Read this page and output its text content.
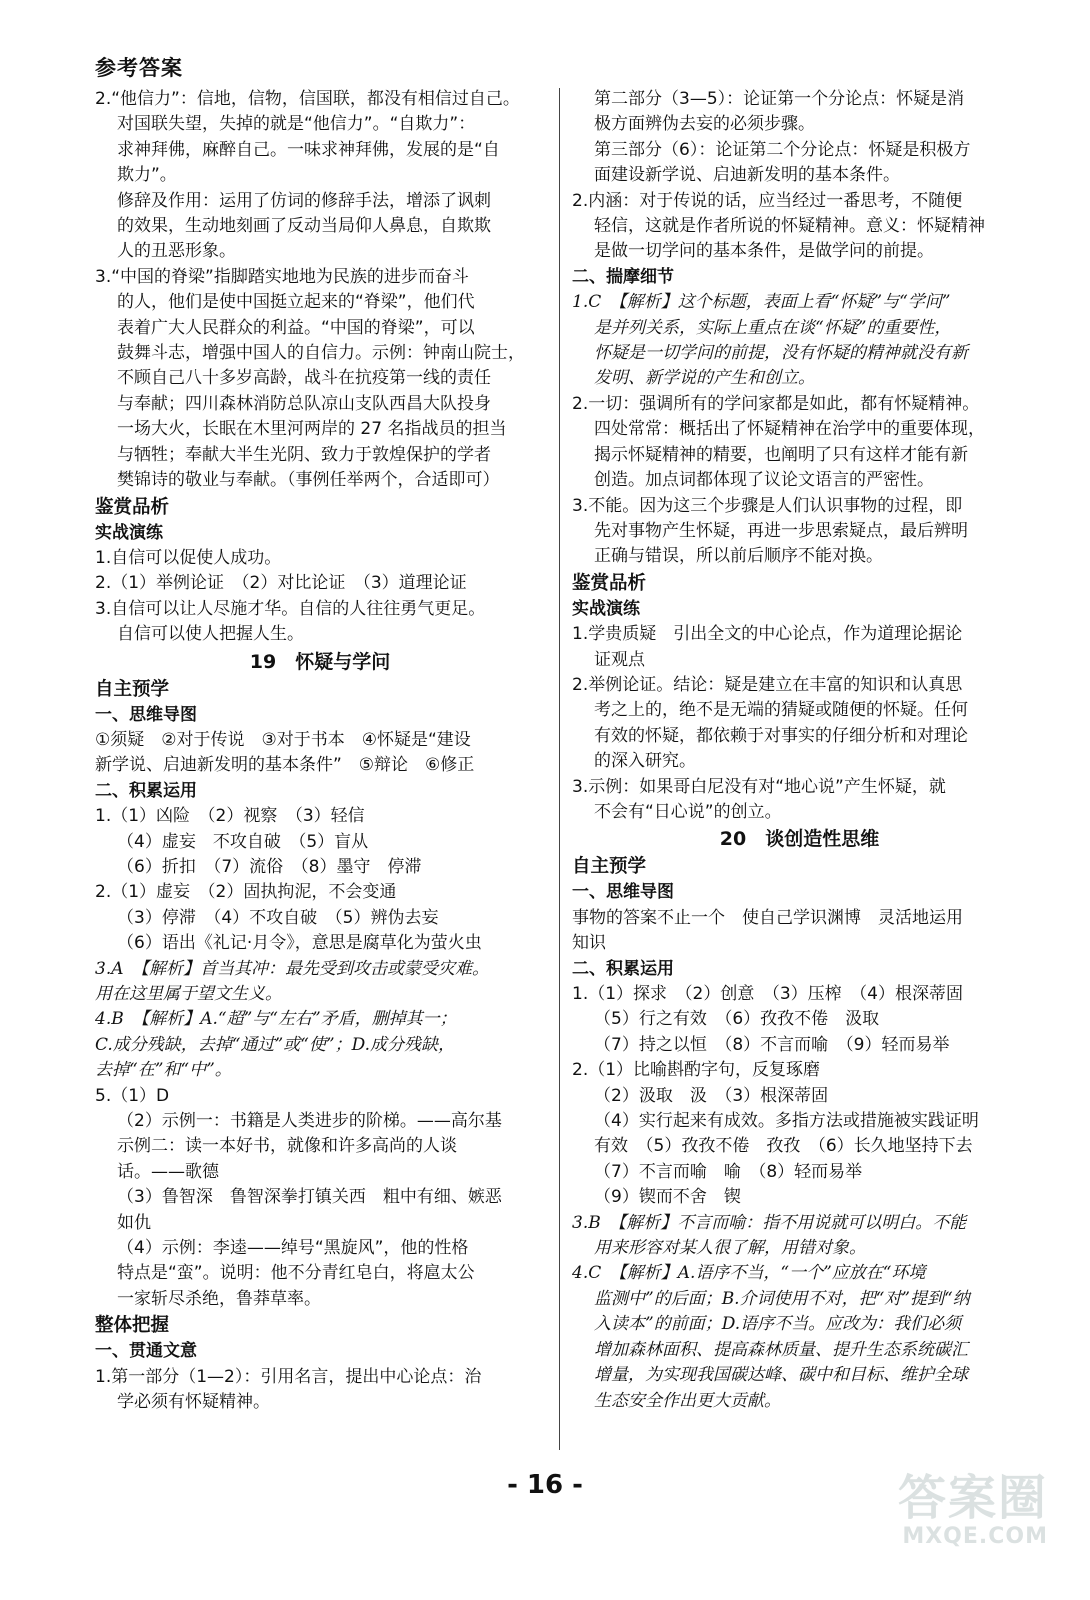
参考答案
2.“他信力”：信地，信物，信国联，都没有相信过自己。
对国联失望，失掉的就是“他信力”。“自欺力”：
求神拜佛，麻醉自己。一味求神拜佛，发展的是“自
欺力”。
修辞及作用：运用了仿词的修辞手法，增添了讽刺
的效果，生动地刻画了反动当局仰人鼻息，自欺欺
人的丑恶形象。
3.“中国的脊梁”指脚踏实地地为民族的进步而奋斗
的人，他们是使中国挺立起来的“脊梁”，他们代
表着广大人民群众的利益。“中国的脊梁”，可以
鼓舞斗志，增强中国人的自信力。示例：钟南山院士，
不顾自己八十多岁高龄，战斗在抗疫第一线的责任
与奉献；四川森林消防总队凉山支队西昌大队投身
一场大火，长眠在木里河两岸的 27 名指战员的担当
与牺牲；奉献大半生光阴、致力于敦煌保护的学者
樊锦诗的敬业与奉献。（事例任举两个，合适即可）
鉴赏品析
实战演练
1.自信可以促使人成功。
2.（1）举例论证　（2）对比论证　（3）道理论证
3.自信可以让人尽施才华。自信的人往往勇气更足。
自信可以使人把握人生。
19　怀疑与学问
自主预学
一、思维导图
①须疑　②对于传说　③对于书本　④怀疑是“建设
新学说、启迪新发明的基本条件”　⑤辩论　⑥修正
二、积累运用
1.（1）凶险　（2）视察　（3）轻信
（4）虚妄　不攻自破　（5）盲从
（6）折扣　（7）流俗　（8）墨守　停滞
2.（1）虚妄　（2）固执拘泥，不会变通
（3）停滞　（4）不攻自破　（5）辨伪去妄
（6）语出《礼记·月令》，意思是腐草化为萤火虫
3.A　【解析】首当其冲：最先受到攻击或蒙受灾难。
用在这里属于望文生义。
4.B　【解析】A.“超”与“左右”矛盾，删掉其一；
C.成分残缺，去掉“通过”或“使”；D.成分残缺，
去掉“在”和“中”。
5.（1）D
（2）示例一：书籍是人类进步的阶梯。——高尔基
示例二：读一本好书，就像和许多高尚的人谈
话。——歌德
（3）鲁智深　鲁智深拳打镇关西　粗中有细、嫉恶
如仇
（4）示例：李逵——绰号“黑旋风”，他的性格
特点是“蛮”。说明：他不分青红皂白，将扈太公
一家斩尽杀绝，鲁莽草率。
整体把握
一、贯通文意
1.第一部分（1—2）：引用名言，提出中心论点：治
学必须有怀疑精神。
第二部分（3—5）：论证第一个分论点：怀疑是消
极方面辨伪去妄的必须步骤。
第三部分（6）：论证第二个分论点：怀疑是积极方
面建设新学说、启迪新发明的基本条件。
2.内涵：对于传说的话，应当经过一番思考，不随便
轻信，这就是作者所说的怀疑精神。意义：怀疑精神
是做一切学问的基本条件，是做学问的前提。
二、揣摩细节
1.C　【解析】这个标题，表面上看“怀疑”与“学问”
是并列关系，实际上重点在谈“怀疑”的重要性，
怀疑是一切学问的前提，没有怀疑的精神就没有新
发明、新学说的产生和创立。
2.一切：强调所有的学问家都是如此，都有怀疑精神。
四处常常：概括出了怀疑精神在治学中的重要体现，
揭示怀疑精神的精要，也阐明了只有这样才能有新
创造。加点词都体现了议论文语言的严密性。
3.不能。因为这三个步骤是人们认识事物的过程，即
先对事物产生怀疑，再进一步思索疑点，最后辨明
正确与错误，所以前后顺序不能对换。
鉴赏品析
实战演练
1.学贵质疑　引出全文的中心论点，作为道理论据论
证观点
2.举例论证。结论：疑是建立在丰富的知识和认真思
考之上的，绝不是无端的猜疑或随便的怀疑。任何
有效的怀疑，都依赖于对事实的仔细分析和对理论
的深入研究。
3.示例：如果哥白尼没有对“地心说”产生怀疑，就
不会有“日心说”的创立。
20　谈创造性思维
自主预学
一、思维导图
事物的答案不止一个　使自己学识渊博　灵活地运用
知识
二、积累运用
1.（1）探求　（2）创意　（3）压榨　（4）根深蒂固
（5）行之有效　（6）孜孜不倦　汲取
（7）持之以恒　（8）不言而喻　（9）轻而易举
2.（1）比喻斟酌字句，反复琢磨
（2）汲取　汲　（3）根深蒂固
（4）实行起来有成效。多指方法或措施被实践证明
有效　（5）孜孜不倦　孜孜　（6）长久地坚持下去
（7）不言而喻　喻　（8）轻而易举
（9）锲而不舍　锲
3.B　【解析】不言而喻：指不用说就可以明白。不能
用来形容对某人很了解，用错对象。
4.C　【解析】A.语序不当，“一个”应放在“环境
监测中”的后面；B.介词使用不对，把“对”提到“纳
入读本”的前面；D.语序不当。应改为：我们必须
增加森林面积、提高森林质量、提升生态系统碳汇
增量，为实现我国碳达峰、碳中和目标、维护全球
生态安全作出更大贡献。
- 16 -	答案圈
MXQE.COM
